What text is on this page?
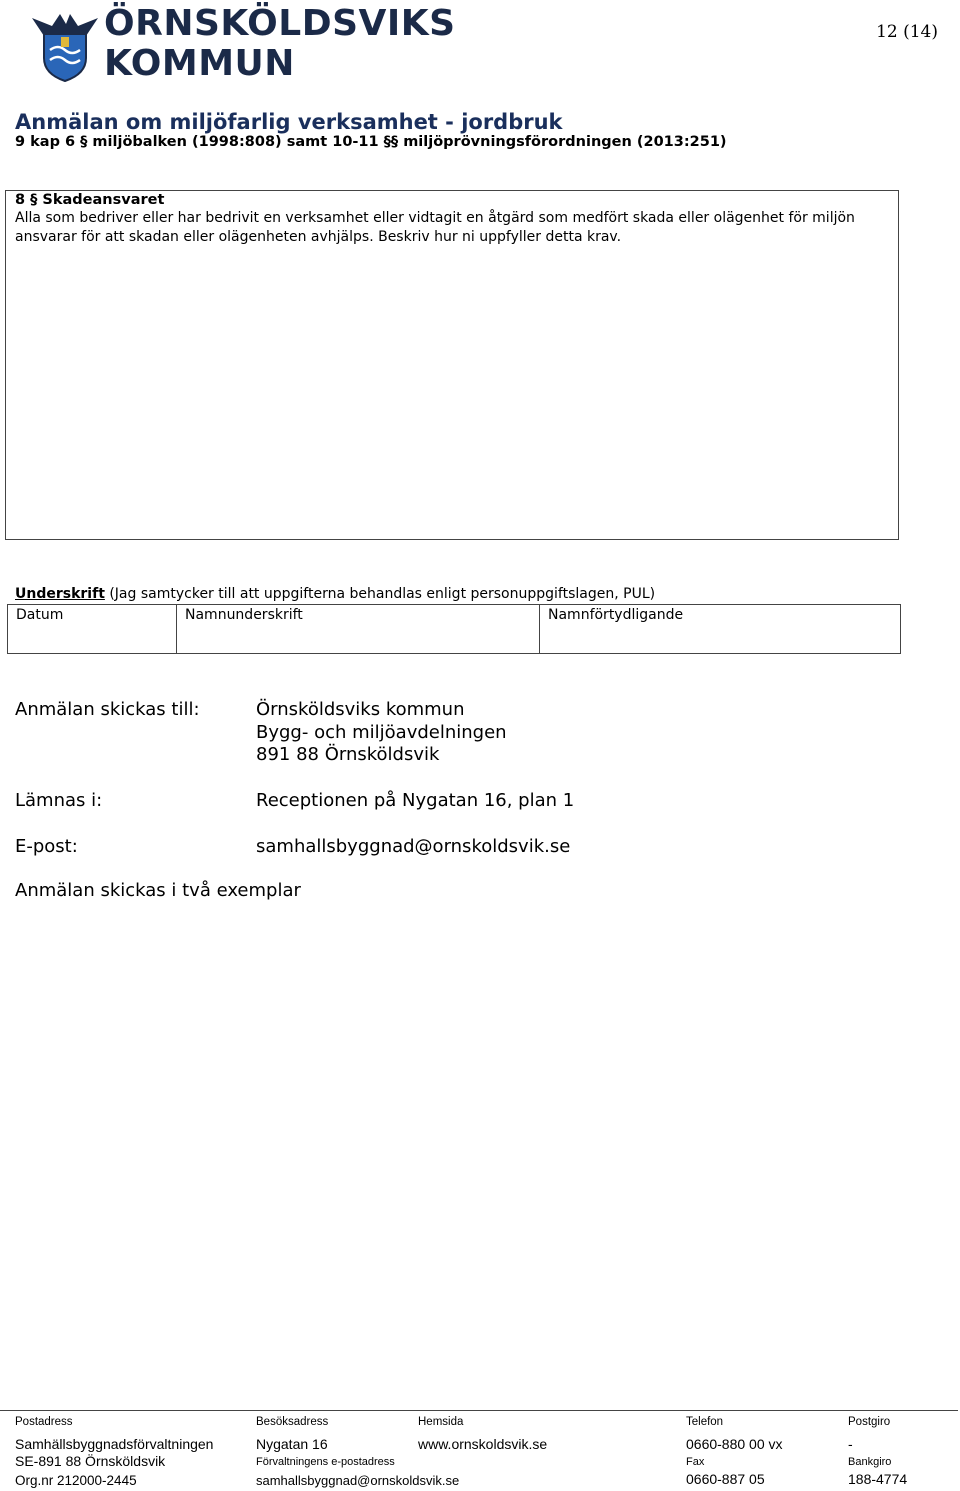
ÖRNSKÖLDSVIKS
KOMMUN
12 (14)
Anmälan om miljöfarlig verksamhet - jordbruk
9 kap 6 § miljöbalken (1998:808) samt 10-11 §§ miljöprövningsförordningen (2013:251)
8 § Skadeansvaret
Alla som bedriver eller har bedrivit en verksamhet eller vidtagit en åtgärd som medfört skada eller olägenhet för miljön ansvarar för att skadan eller olägenheten avhjälps. Beskriv hur ni uppfyller detta krav.
Underskrift (Jag samtycker till att uppgifterna behandlas enligt personuppgiftslagen, PUL)
Datum	Namnunderskrift	Namnförtydligande
Anmälan skickas till:	Örnsköldsviks kommun
Bygg- och miljöavdelningen
891 88 Örnsköldsvik
Lämnas i:	Receptionen på Nygatan 16, plan 1
E-post:	samhallsbyggnad@ornskoldsvik.se
Anmälan skickas i två exemplar
Postadress
Samhällsbyggnadsförvaltningen
SE-891 88 Örnsköldsvik
Org.nr 212000-2445
Besöksadress
Nygatan 16
Förvaltningens e-postadress
samhallsbyggnad@ornskoldsvik.se
Hemsida
www.ornskoldsvik.se
Telefon
0660-880 00 vx
Fax
0660-887 05
Postgiro
-
Bankgiro
188-4774
